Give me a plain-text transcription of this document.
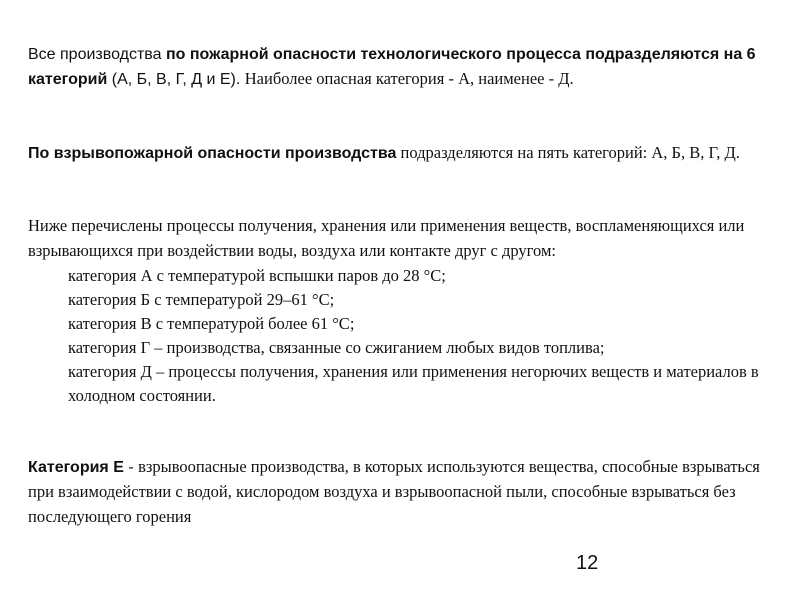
Все производства по пожарной опасности технологического процесса подразделяются на 6 категорий (А, Б, В, Г, Д и Е). Наиболее опасная категория - А, наименее - Д.

По взрывопожарной опасности производства подразделяются на пять категорий: А, Б, В, Г, Д.

Ниже перечислены процессы получения, хранения или применения веществ, воспламеняющихся или взрывающихся при воздействии воды, воздуха или контакте друг с другом:
категория А с температурой вспышки паров до 28 °С;
категория Б с температурой 29–61 °С;
категория В с температурой более 61 °С;
категория Г – производства, связанные со сжиганием любых видов топлива;
категория Д – процессы получения, хранения или применения негорючих веществ и материалов в холодном состоянии.

Категория Е - взрывоопасные производства, в которых используются вещества, способные взрываться при взаимодействии с водой, кислородом воздуха и взрывоопасной пыли, способные взрываться без последующего горения

12
